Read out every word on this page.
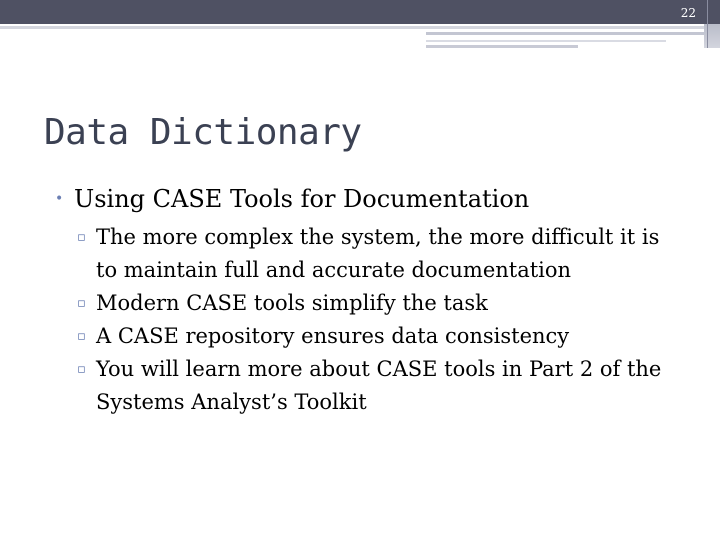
22
Data Dictionary
• Using CASE Tools for Documentation
▫ The more complex the system, the more difficult it is to maintain full and accurate documentation
▫ Modern CASE tools simplify the task
▫ A CASE repository ensures data consistency
▫ You will learn more about CASE tools in Part 2 of the Systems Analyst’s Toolkit
